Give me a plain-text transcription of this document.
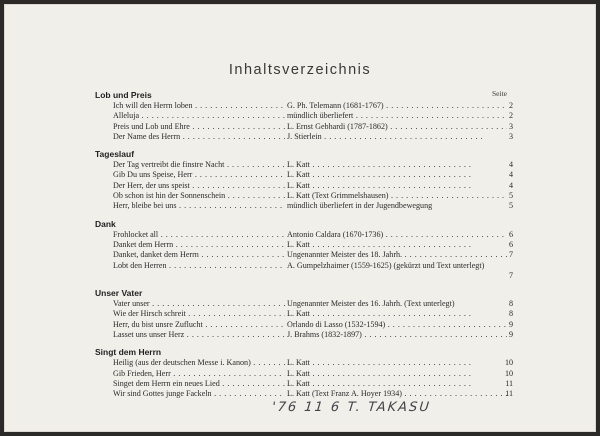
Inhaltsverzeichnis
Seite
Lob und Preis
Ich will den Herrn loben . . .	G. Ph. Telemann (1681-1767) . . .	2
Alleluja . . .	mündlich überliefert . . .	2
Preis und Lob und Ehre . . .	L. Ernst Gebhardi (1787-1862) . . .	3
Der Name des Herrn . . .	J. Stierlein . . .	3
Tageslauf
Der Tag vertreibt die finstre Nacht . . .	L. Katt . . .	4
Gib Du uns Speise, Herr . . .	L. Katt . . .	4
Der Herr, der uns speist . . .	L. Katt . . .	4
Ob schon ist hin der Sonnenschein . . .	L. Katt (Text Grimmelshausen) . . .	5
Herr, bleibe bei uns . . .	mündlich überliefert in der Jugendbewegung	5
Dank
Frohlocket all . . .	Antonio Caldara (1670-1736) . . .	6
Danket dem Herrn . . .	L. Katt . . .	6
Danket, danket dem Herrn . . .	Ungenannter Meister des 18. Jahrh. . . .	7
Lobt den Herren . . .	A. Gumpelzhaimer (1559-1625) (gekürzt und Text unterlegt)
7
Unser Vater
Vater unser . . .	Ungenannter Meister des 16. Jahrh. (Text unterlegt)	8
Wie der Hirsch schreit . . .	L. Katt . . .	8
Herr, du bist unsre Zuflucht . . .	Orlando di Lasso (1532-1594) . . .	9
Lasset uns unser Herz . . .	J. Brahms (1832-1897) . . .	9
Singt dem Herrn
Heilig (aus der deutschen Messe i. Kanon) . . .	L. Katt . . .	10
Gib Frieden, Herr . . .	L. Katt . . .	10
Singet dem Herrn ein neues Lied . . .	L. Katt . . .	11
Wir sind Gottes junge Fackeln . . .	L. Katt (Text Franz A. Hoyer 1934) . . .	11
'76 11 6 T. TAKASU
